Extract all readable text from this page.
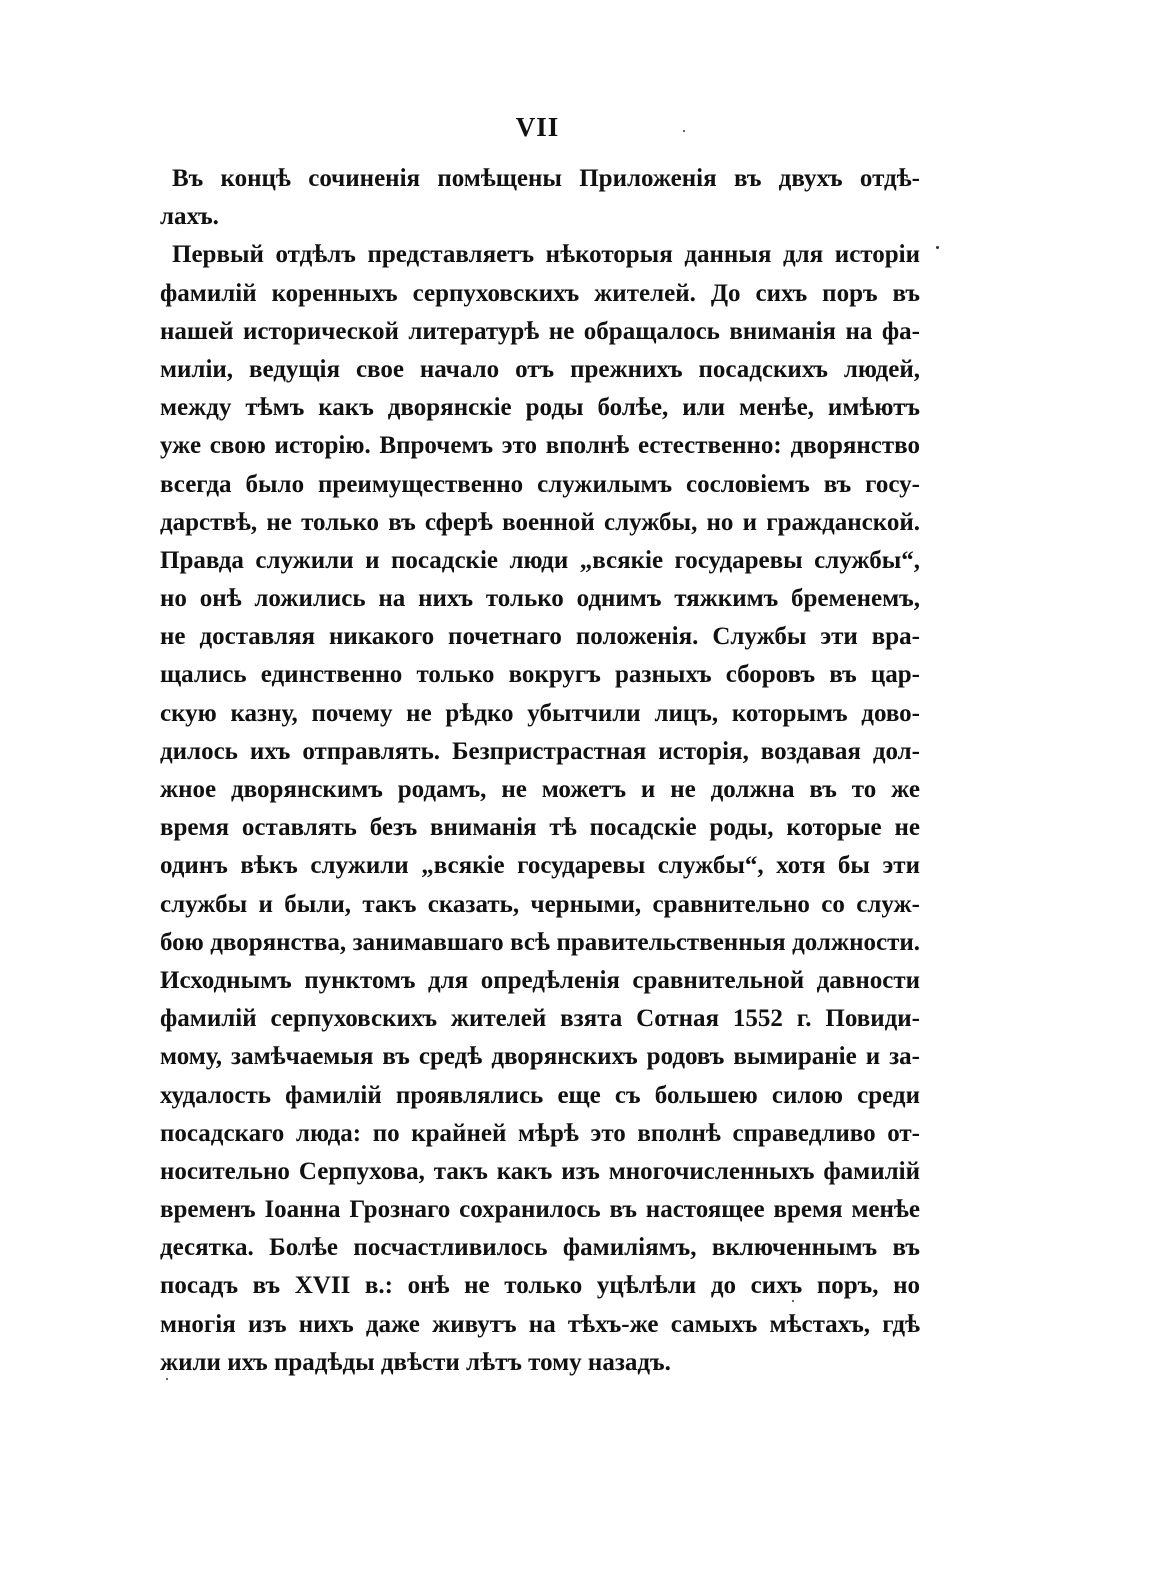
VII
Въ концѣ сочиненія помѣщены Приложенія въ двухъ отдѣ-
лахъ.
Первый отдѣлъ представляетъ нѣкоторыя данныя для исторіи
фамилій коренныхъ серпуховскихъ жителей. До сихъ поръ въ
нашей исторической литературѣ не обращалось вниманія на фа-
миліи, ведущія свое начало отъ прежнихъ посадскихъ людей,
между тѣмъ какъ дворянскіе роды болѣе, или менѣе, имѣютъ
уже свою исторію. Впрочемъ это вполнѣ естественно: дворянство
всегда было преимущественно служилымъ сословіемъ въ госу-
дарствѣ, не только въ сферѣ военной службы, но и гражданской.
Правда служили и посадскіе люди „всякіе государевы службы“,
но онѣ ложились на нихъ только однимъ тяжкимъ бременемъ,
не доставляя никакого почетнаго положенія. Службы эти вра-
щались единственно только вокругъ разныхъ сборовъ въ цар-
скую казну, почему не рѣдко убытчили лицъ, которымъ дово-
дилось ихъ отправлять. Безпристрастная исторія, воздавая дол-
жное дворянскимъ родамъ, не можетъ и не должна въ то же
время оставлять безъ вниманія тѣ посадскіе роды, которые не
одинъ вѣкъ служили „всякіе государевы службы“, хотя бы эти
службы и были, такъ сказать, черными, сравнительно со служ-
бою дворянства, занимавшаго всѣ правительственныя должности.
Исходнымъ пунктомъ для опредѣленія сравнительной давности
фамилій серпуховскихъ жителей взята Сотная 1552 г. Повиди-
мому, замѣчаемыя въ средѣ дворянскихъ родовъ вымираніе и за-
худалость фамилій проявлялись еще съ большею силою среди
посадскаго люда: по крайней мѣрѣ это вполнѣ справедливо от-
носительно Серпухова, такъ какъ изъ многочисленныхъ фамилій
временъ Іоанна Грознаго сохранилось въ настоящее время менѣе
десятка. Болѣе посчастливилось фамиліямъ, включеннымъ въ
посадъ въ XVII в.: онѣ не только уцѣлѣли до сихъ поръ, но
многія изъ нихъ даже живутъ на тѣхъ-же самыхъ мѣстахъ, гдѣ
жили ихъ прадѣды двѣсти лѣтъ тому назадъ.
